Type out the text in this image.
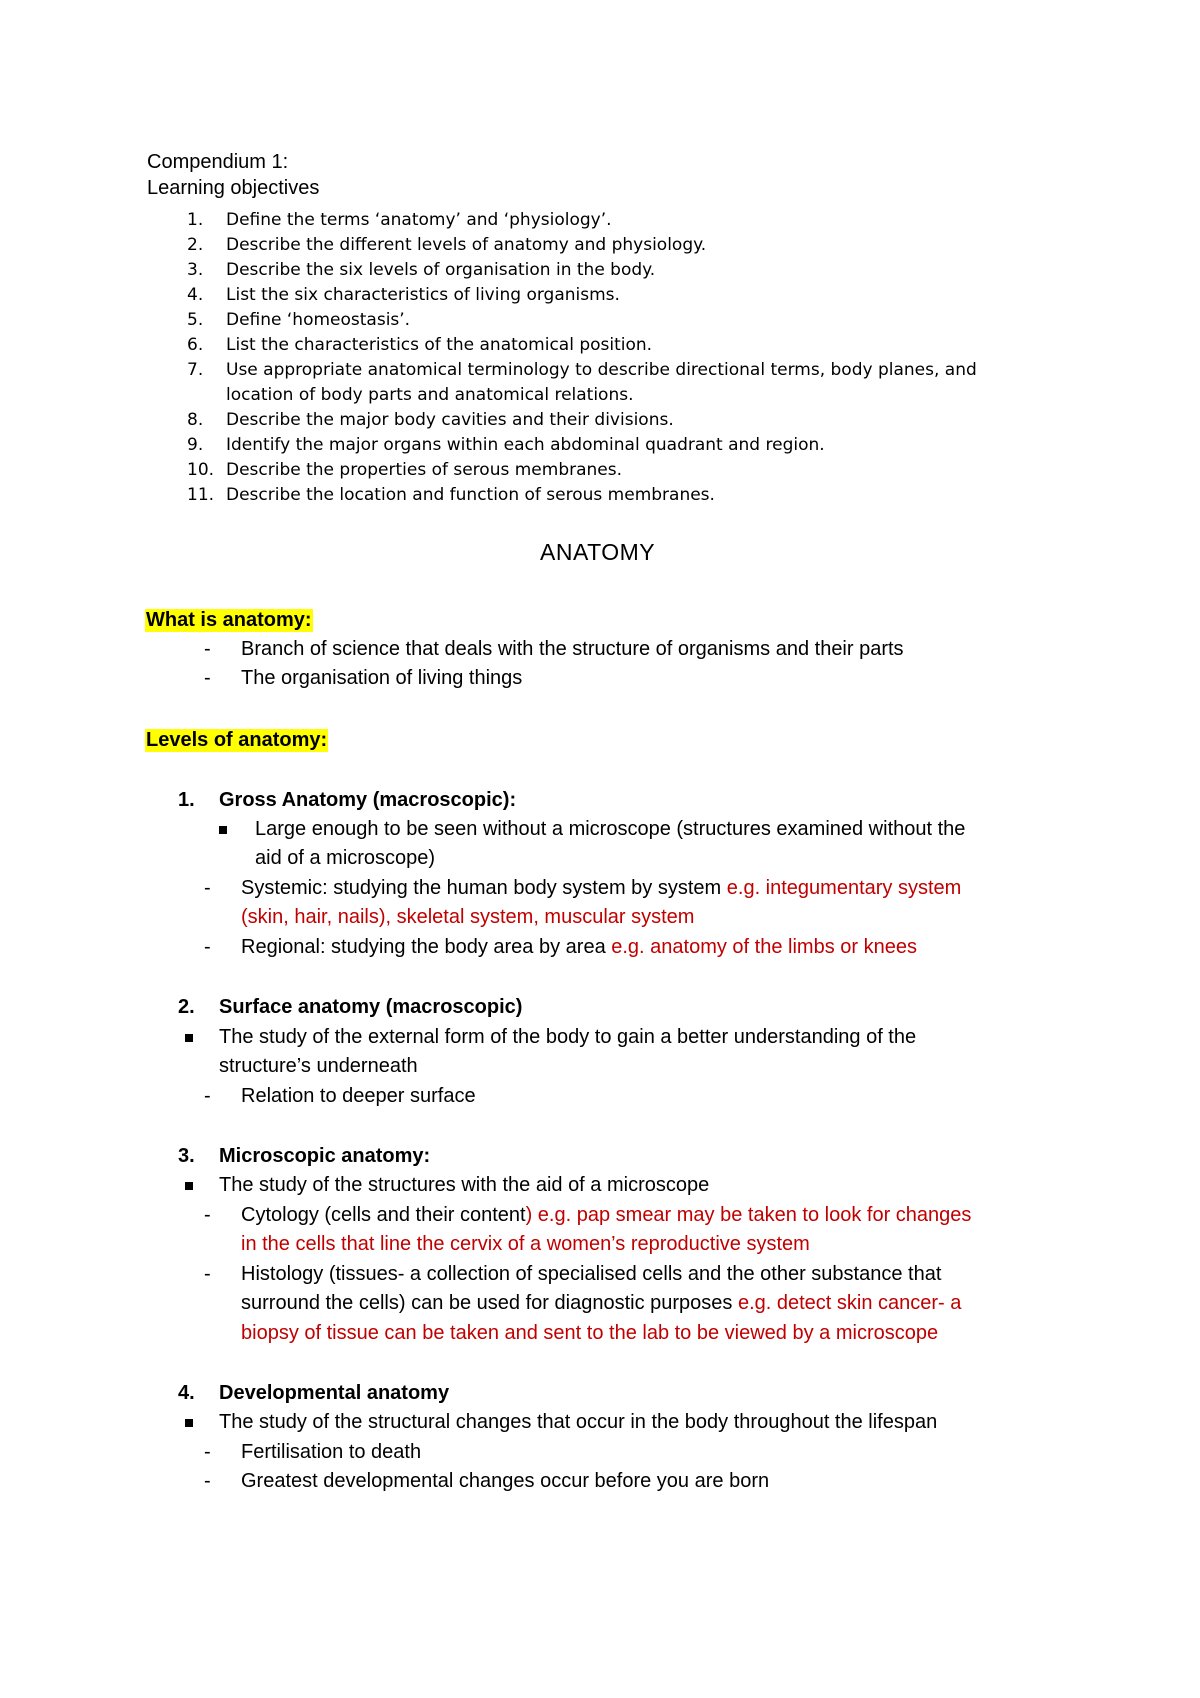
Compendium 1:
Learning objectives
1. Define the terms ‘anatomy’ and ‘physiology’.
2. Describe the different levels of anatomy and physiology.
3. Describe the six levels of organisation in the body.
4. List the six characteristics of living organisms.
5. Define ‘homeostasis’.
6. List the characteristics of the anatomical position.
7. Use appropriate anatomical terminology to describe directional terms, body planes, and
location of body parts and anatomical relations.
8. Describe the major body cavities and their divisions.
9. Identify the major organs within each abdominal quadrant and region.
10. Describe the properties of serous membranes.
11. Describe the location and function of serous membranes.
ANATOMY
What is anatomy:
- Branch of science that deals with the structure of organisms and their parts
- The organisation of living things
Levels of anatomy:
1. Gross Anatomy (macroscopic):
Large enough to be seen without a microscope (structures examined without the
aid of a microscope)
- Systemic: studying the human body system by system e.g. integumentary system
(skin, hair, nails), skeletal system, muscular system
- Regional: studying the body area by area e.g. anatomy of the limbs or knees
2. Surface anatomy (macroscopic)
The study of the external form of the body to gain a better understanding of the
structure’s underneath
- Relation to deeper surface
3. Microscopic anatomy:
The study of the structures with the aid of a microscope
- Cytology (cells and their content) e.g. pap smear may be taken to look for changes
in the cells that line the cervix of a women’s reproductive system
- Histology (tissues- a collection of specialised cells and the other substance that
surround the cells) can be used for diagnostic purposes e.g. detect skin cancer- a
biopsy of tissue can be taken and sent to the lab to be viewed by a microscope
4. Developmental anatomy
The study of the structural changes that occur in the body throughout the lifespan
- Fertilisation to death
- Greatest developmental changes occur before you are born
